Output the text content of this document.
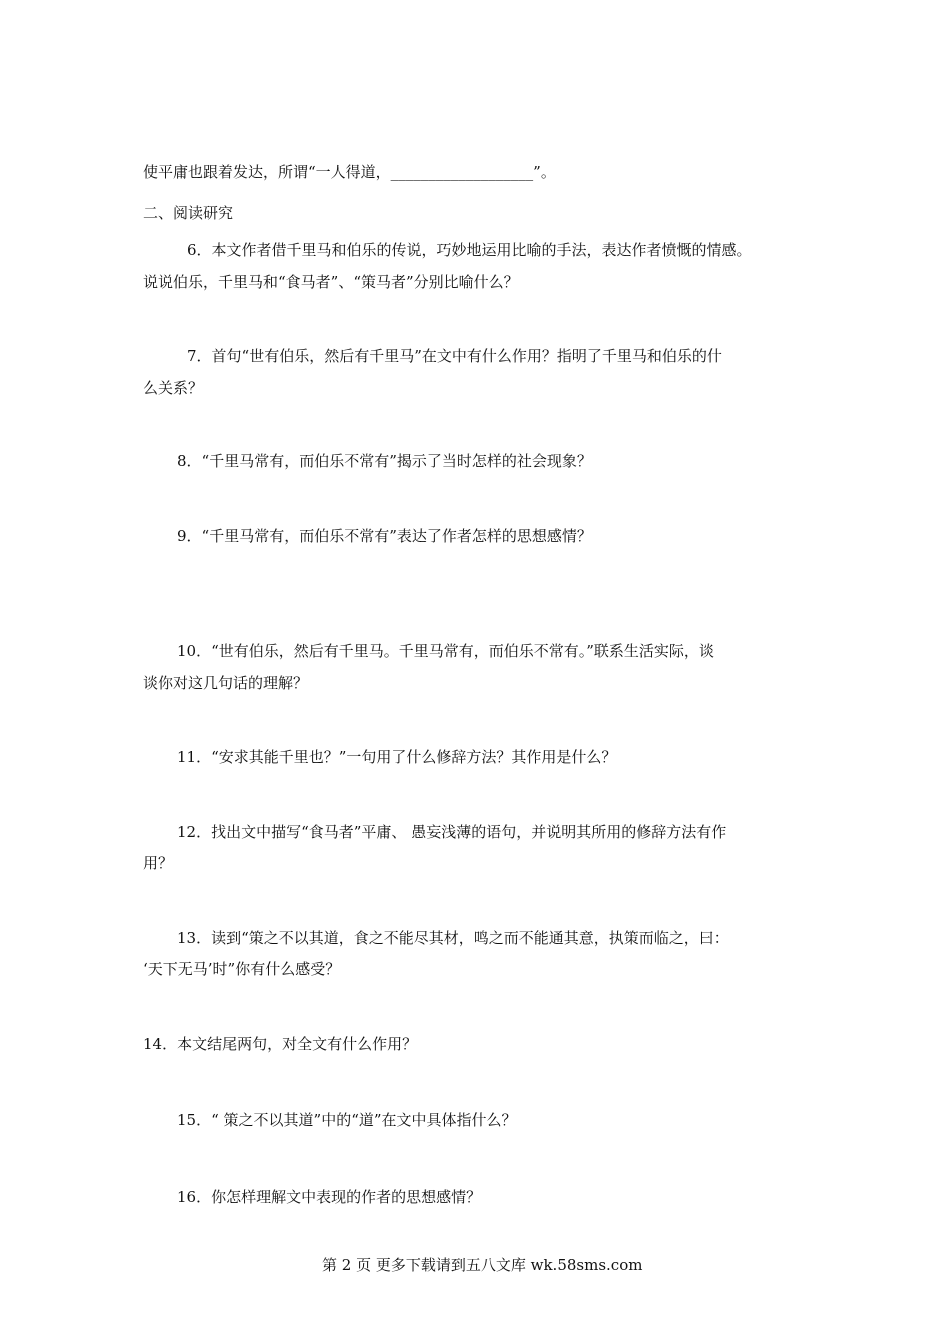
使平庸也跟着发达，所谓“一人得道，___________________”。
二、阅读研究
6．本文作者借千里马和伯乐的传说，巧妙地运用比喻的手法，表达作者愤慨的情感。
说说伯乐，千里马和“食马者”、“策马者”分别比喻什么？
7．首句“世有伯乐，然后有千里马”在文中有什么作用？指明了千里马和伯乐的什
么关系？
8．“千里马常有，而伯乐不常有”揭示了当时怎样的社会现象？
9．“千里马常有，而伯乐不常有”表达了作者怎样的思想感情？
10．“世有伯乐，然后有千里马。千里马常有，而伯乐不常有。”联系生活实际，谈
谈你对这几句话的理解？
11．“安求其能千里也？”一句用了什么修辞方法？其作用是什么？
12．找出文中描写“食马者”平庸、 愚妄浅薄的语句，并说明其所用的修辞方法有作
用？
13．读到“策之不以其道，食之不能尽其材，鸣之而不能通其意，执策而临之，曰：
‘天下无马’时”你有什么感受？
14．本文结尾两句，对全文有什么作用？
15．“ 策之不以其道”中的“道”在文中具体指什么？
16．你怎样理解文中表现的作者的思想感情？
第 2 页 更多下载请到五八文库 wk.58sms.com
